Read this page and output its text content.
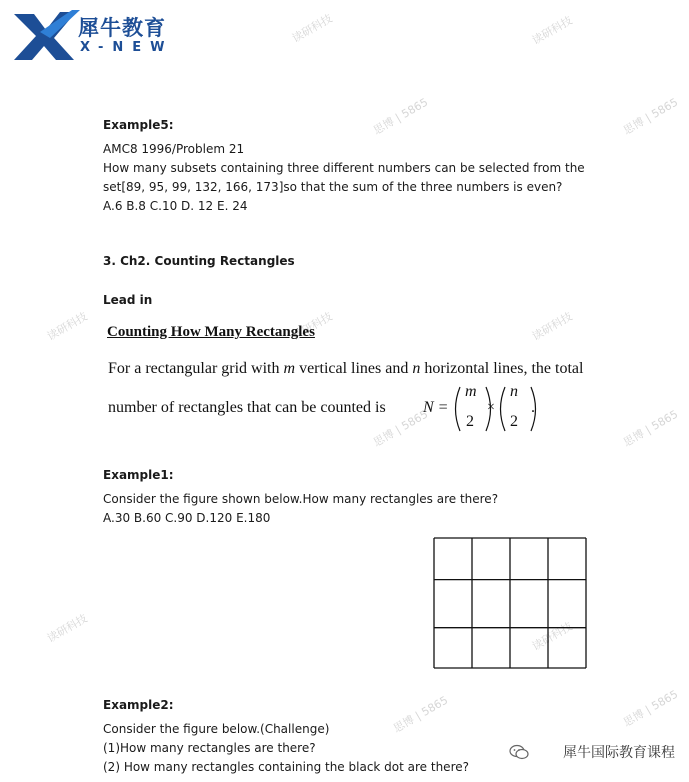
犀牛教育
X-NEW
读研科技	读研科技
思博 | 5865	思博 | 5865
读研科技	读研科技	读研科技
思博 | 5865	思博 | 5865
读研科技	读研科技
思博 | 5865	思博 | 5865
Example5:
AMC8 1996/Problem 21
How many subsets containing three different numbers can be selected from the
set[89, 95, 99, 132, 166, 173]so that the sum of the three numbers is even?
A.6 B.8 C.10 D. 12 E. 24
3. Ch2. Counting Rectangles
Lead in
Counting How Many Rectangles
For a rectangular grid with m vertical lines and n horizontal lines, the total
number of rectangles that can be counted is N =
m
2
×
n
2
.
Example1:
Consider the figure shown below.How many rectangles are there?
A.30 B.60 C.90 D.120 E.180
Example2:
Consider the figure below.(Challenge)
(1)How many rectangles are there?
(2) How many rectangles containing the black dot are there?
犀牛国际教育课程
